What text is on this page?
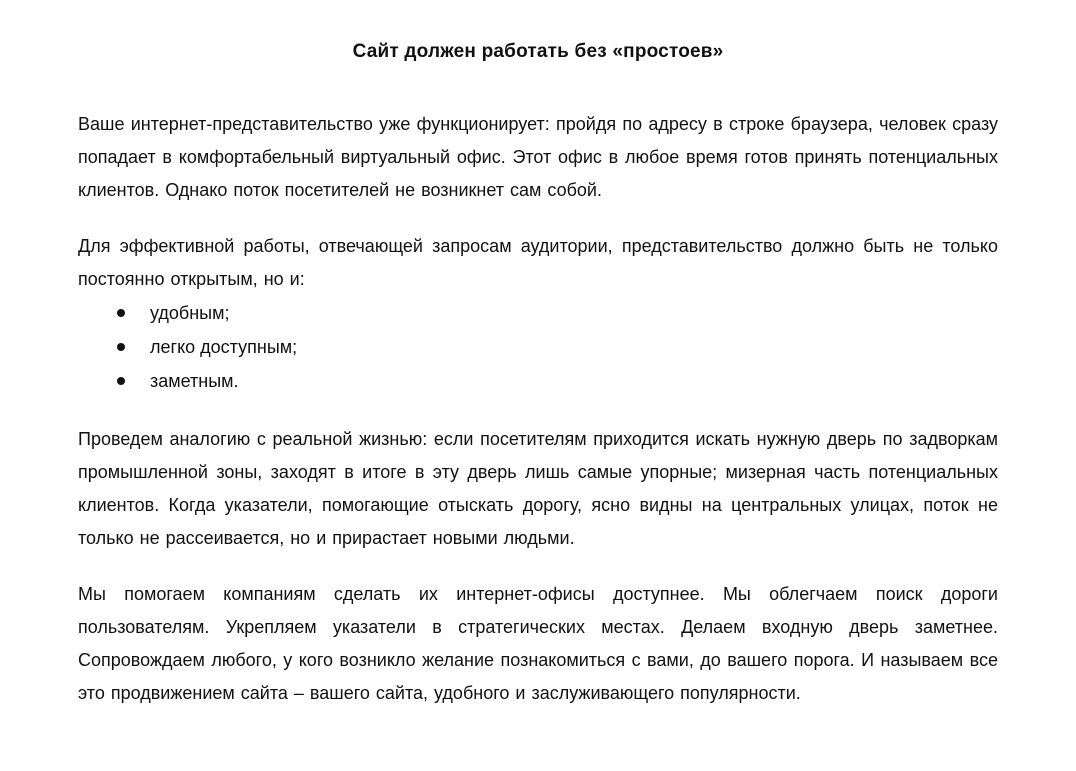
Сайт должен работать без «простоев»

Ваше интернет-представительство уже функционирует: пройдя по адресу в строке браузера, человек сразу попадает в комфортабельный виртуальный офис. Этот офис в любое время готов принять потенциальных клиентов. Однако поток посетителей не возникнет сам собой.

Для эффективной работы, отвечающей запросам аудитории, представительство должно быть не только постоянно открытым, но и:

удобным;
легко доступным;
заметным.

Проведем аналогию с реальной жизнью: если посетителям приходится искать нужную дверь по задворкам промышленной зоны, заходят в итоге в эту дверь лишь самые упорные; мизерная часть потенциальных клиентов. Когда указатели, помогающие отыскать дорогу, ясно видны на центральных улицах, поток не только не рассеивается, но и прирастает новыми людьми.

Мы помогаем компаниям сделать их интернет-офисы доступнее. Мы облегчаем поиск дороги пользователям. Укрепляем указатели в стратегических местах. Делаем входную дверь заметнее. Сопровождаем любого, у кого возникло желание познакомиться с вами, до вашего порога. И называем все это продвижением сайта – вашего сайта, удобного и заслуживающего популярности.
